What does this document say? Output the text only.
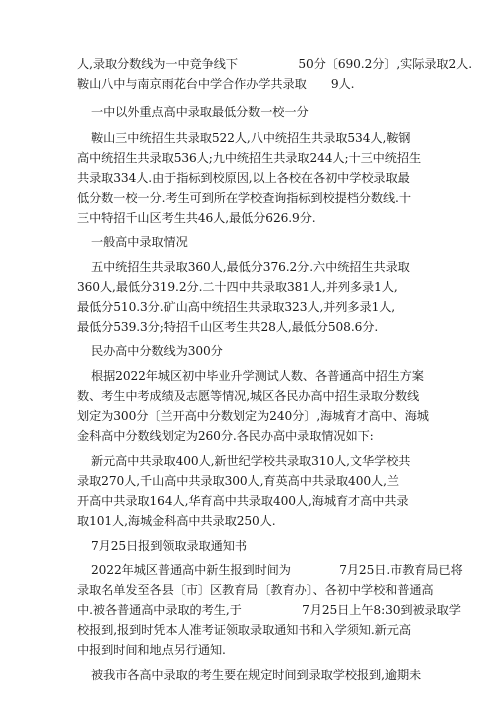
人,录取分数线为一中竞争线下　　　　　50分〔690.2分〕,实际录取2人.
鞍山八中与南京雨花台中学合作办学共录取　　9人.
一中以外重点高中录取最低分数一校一分
鞍山三中统招生共录取522人,八中统招生共录取534人,鞍钢
高中统招生共录取536人;九中统招生共录取244人;十三中统招生
共录取334人.由于指标到校原因,以上各校在各初中学校录取最
低分数一校一分.考生可到所在学校查询指标到校提档分数线.十
三中特招千山区考生共46人,最低分626.9分.
一般高中录取情况
五中统招生共录取360人,最低分376.2分.六中统招生共录取
360人,最低分319.2分.二十四中共录取381人,并列多录1人,
最低分510.3分.矿山高中统招生共录取323人,并列多录1人,
最低分539.3分;特招千山区考生共28人,最低分508.6分.
民办高中分数线为300分
根据2022年城区初中毕业升学测试人数、各普通高中招生方案
数、考生中考成绩及志愿等情况,城区各民办高中招生录取分数线
划定为300分〔兰开高中分数划定为240分〕,海城育才高中、海城
金科高中分数线划定为260分.各民办高中录取情况如下:
新元高中共录取400人,新世纪学校共录取310人,文华学校共
录取270人,千山高中共录取300人,育英高中共录取400人,兰
开高中共录取164人,华育高中共录取400人,海城育才高中共录
取101人,海城金科高中共录取250人.
7月25日报到领取录取通知书
2022年城区普通高中新生报到时间为　　　　7月25日.市教育局已将
录取名单发至各县〔市〕区教育局〔教育办〕、各初中学校和普通高
中.被各普通高中录取的考生,于　　　　　7月25日上午8:30到被录取学
校报到,报到时凭本人准考证领取录取通知书和入学须知.新元高
中报到时间和地点另行通知.
被我市各高中录取的考生要在规定时间到录取学校报到,逾期未
